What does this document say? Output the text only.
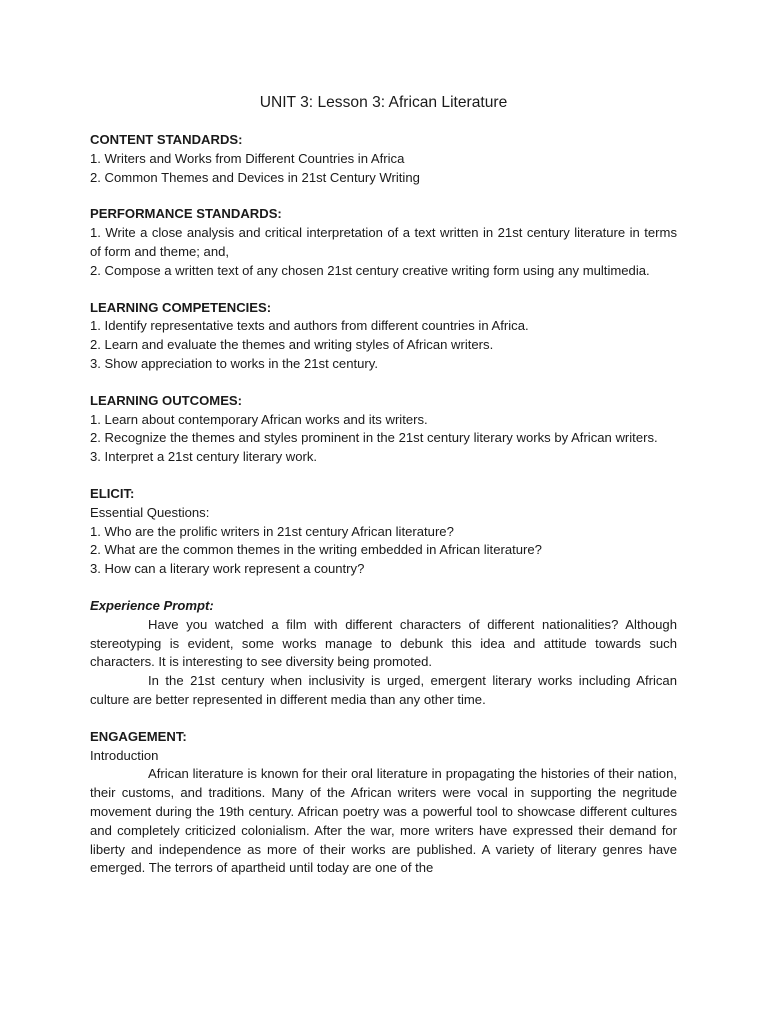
UNIT 3: Lesson 3: African Literature
CONTENT STANDARDS:
1. Writers and Works from Different Countries in Africa
2. Common Themes and Devices in 21st Century Writing
PERFORMANCE STANDARDS:
1. Write a close analysis and critical interpretation of a text written in 21st century literature in terms of form and theme; and,
2. Compose a written text of any chosen 21st century creative writing form using any multimedia.
LEARNING COMPETENCIES:
1. Identify representative texts and authors from different countries in Africa.
2. Learn and evaluate the themes and writing styles of African writers.
3. Show appreciation to works in the 21st century.
LEARNING OUTCOMES:
1. Learn about contemporary African works and its writers.
2. Recognize the themes and styles prominent in the 21st century literary works by African writers.
3. Interpret a 21st century literary work.
ELICIT:
Essential Questions:
1. Who are the prolific writers in 21st century African literature?
2. What are the common themes in the writing embedded in African literature?
3. How can a literary work represent a country?
Experience Prompt:
Have you watched a film with different characters of different nationalities? Although stereotyping is evident, some works manage to debunk this idea and attitude towards such characters. It is interesting to see diversity being promoted.
In the 21st century when inclusivity is urged, emergent literary works including African culture are better represented in different media than any other time.
ENGAGEMENT:
Introduction
African literature is known for their oral literature in propagating the histories of their nation, their customs, and traditions. Many of the African writers were vocal in supporting the negritude movement during the 19th century. African poetry was a powerful tool to showcase different cultures and completely criticized colonialism. After the war, more writers have expressed their demand for liberty and independence as more of their works are published. A variety of literary genres have emerged. The terrors of apartheid until today are one of the
